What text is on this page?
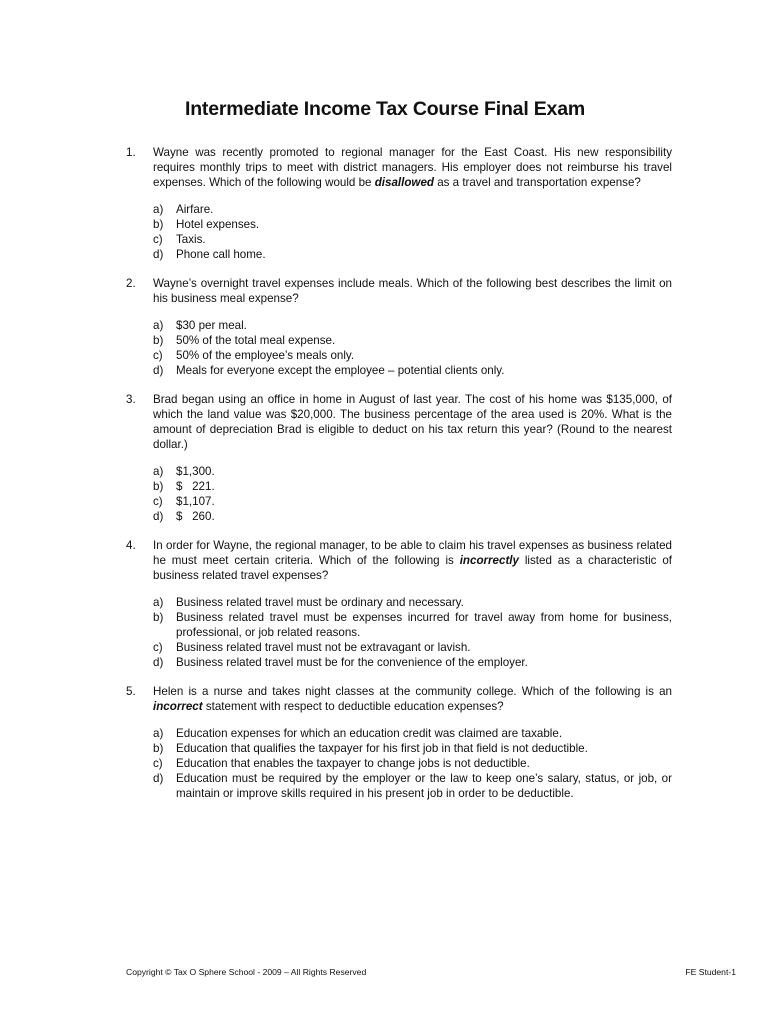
Intermediate Income Tax Course Final Exam
1.	Wayne was recently promoted to regional manager for the East Coast. His new responsibility requires monthly trips to meet with district managers. His employer does not reimburse his travel expenses. Which of the following would be disallowed as a travel and transportation expense?
a) Airfare.
b) Hotel expenses.
c) Taxis.
d) Phone call home.
2.	Wayne’s overnight travel expenses include meals. Which of the following best describes the limit on his business meal expense?
a) $30 per meal.
b) 50% of the total meal expense.
c) 50% of the employee’s meals only.
d) Meals for everyone except the employee – potential clients only.
3.	Brad began using an office in home in August of last year. The cost of his home was $135,000, of which the land value was $20,000. The business percentage of the area used is 20%. What is the amount of depreciation Brad is eligible to deduct on his tax return this year? (Round to the nearest dollar.)
a) $1,300.
b) $   221.
c) $1,107.
d) $   260.
4.	In order for Wayne, the regional manager, to be able to claim his travel expenses as business related he must meet certain criteria. Which of the following is incorrectly listed as a characteristic of business related travel expenses?
a) Business related travel must be ordinary and necessary.
b) Business related travel must be expenses incurred for travel away from home for business, professional, or job related reasons.
c) Business related travel must not be extravagant or lavish.
d) Business related travel must be for the convenience of the employer.
5.	Helen is a nurse and takes night classes at the community college. Which of the following is an incorrect statement with respect to deductible education expenses?
a) Education expenses for which an education credit was claimed are taxable.
b) Education that qualifies the taxpayer for his first job in that field is not deductible.
c) Education that enables the taxpayer to change jobs is not deductible.
d) Education must be required by the employer or the law to keep one’s salary, status, or job, or maintain or improve skills required in his present job in order to be deductible.
Copyright © Tax O Sphere School - 2009 – All Rights Reserved	FE Student-1
